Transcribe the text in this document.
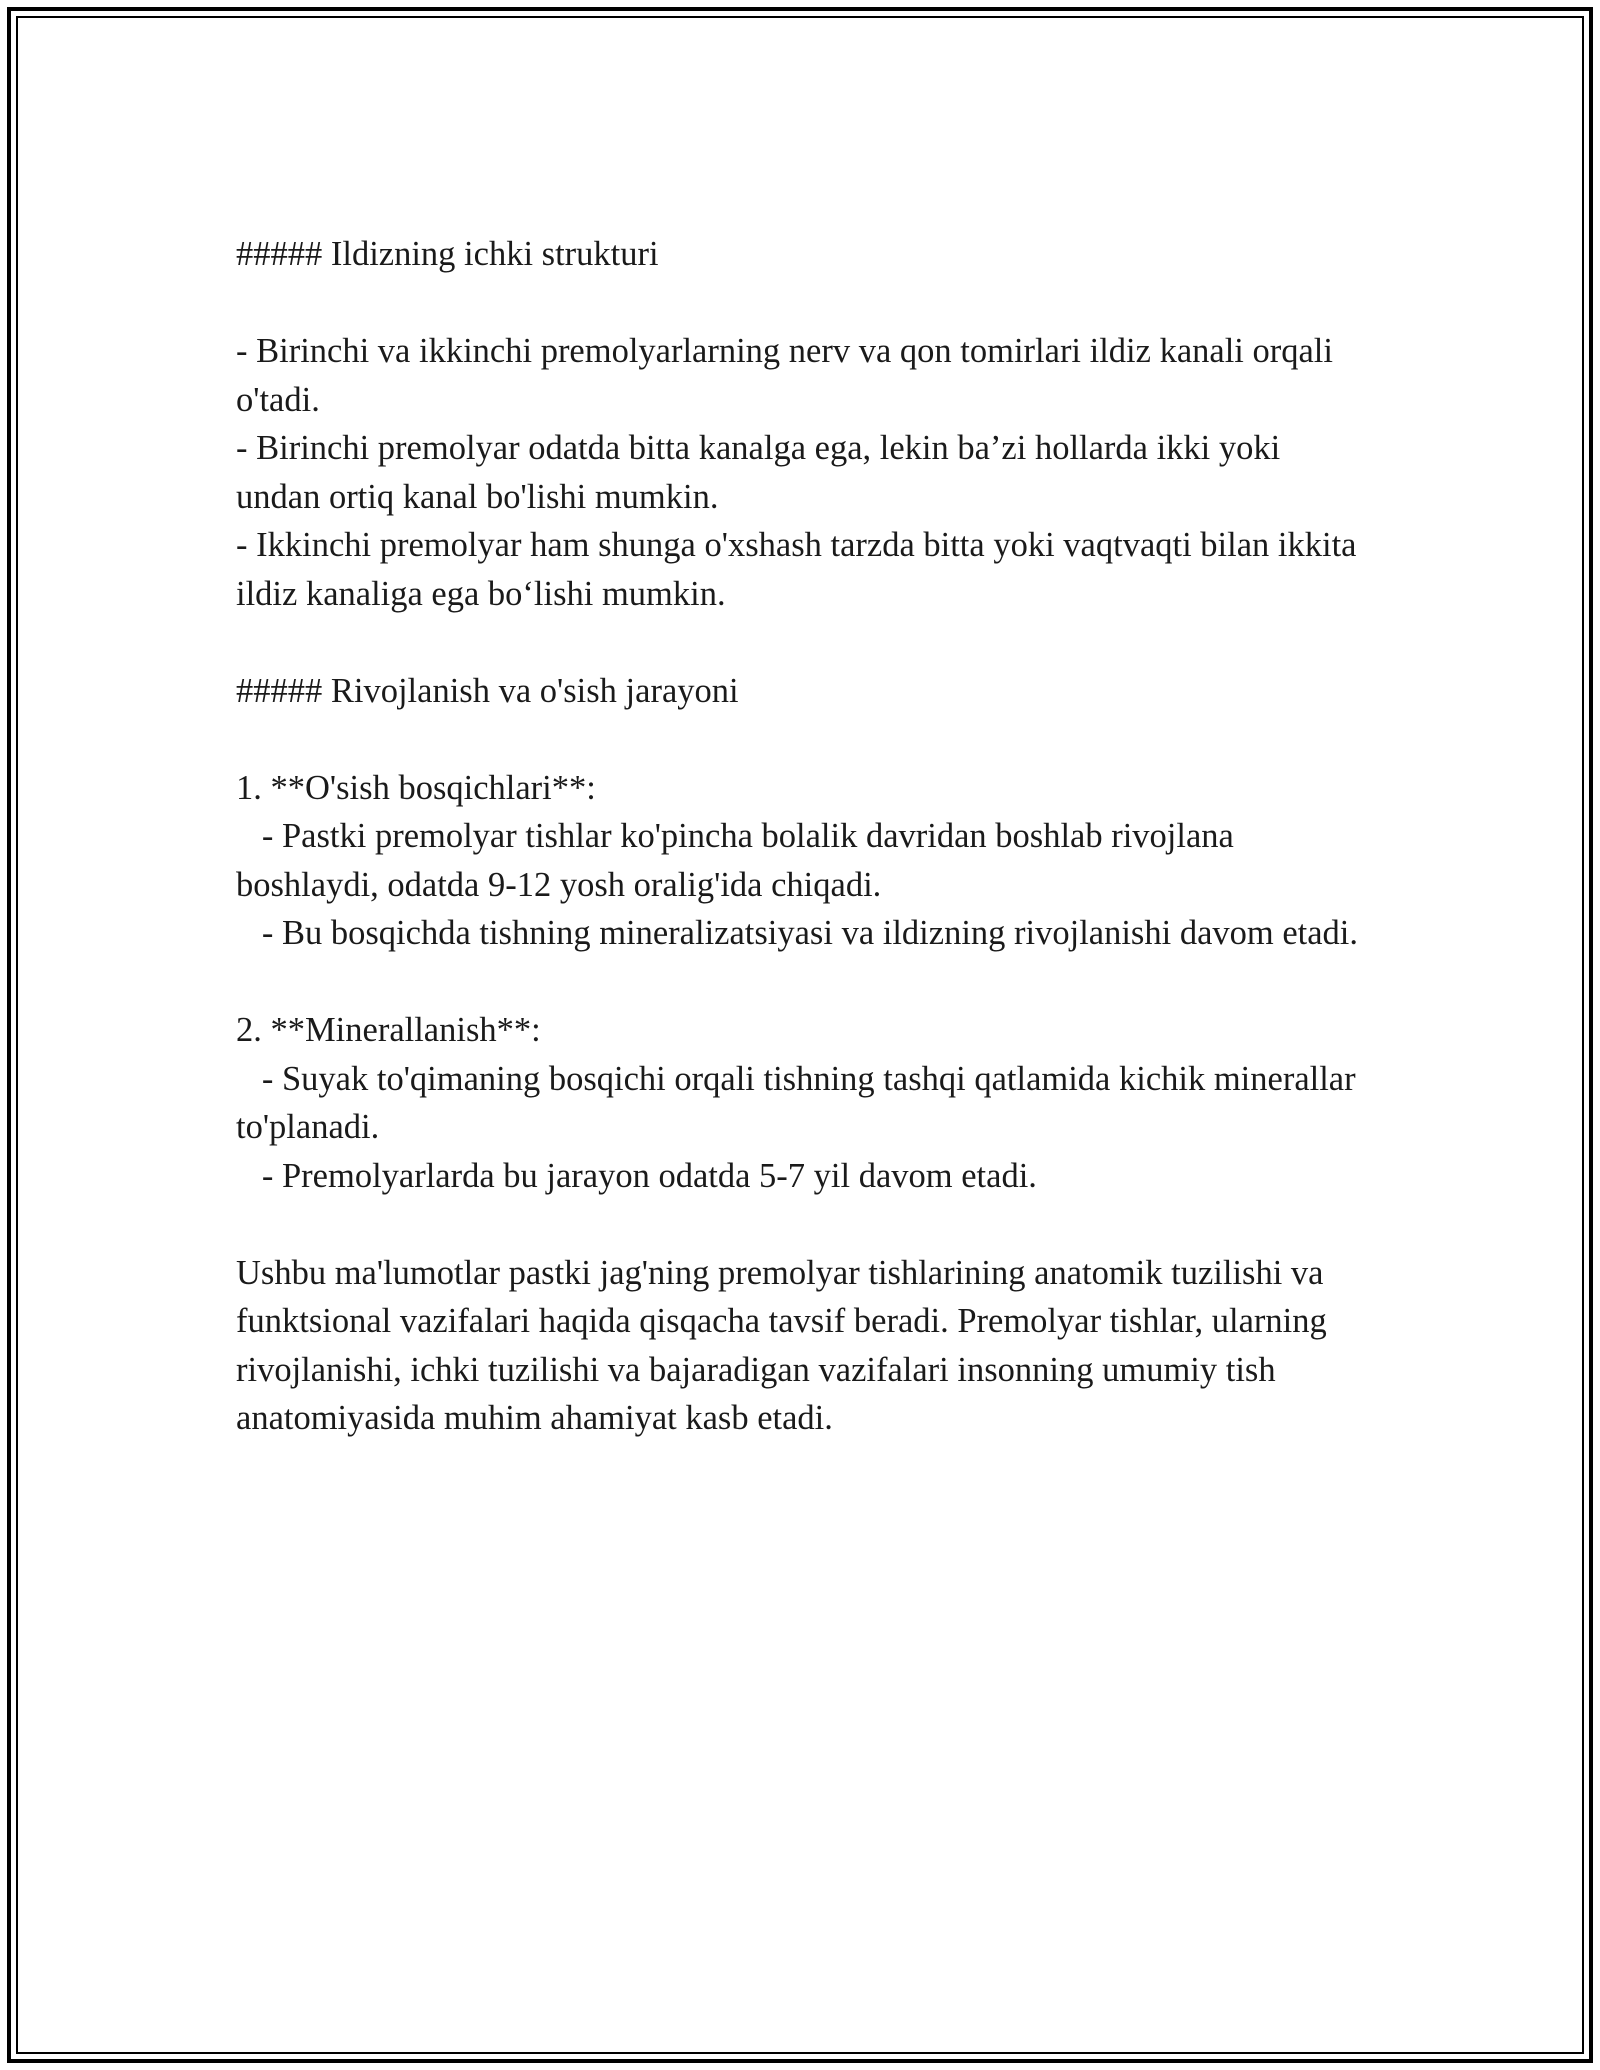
##### Ildizning ichki strukturi
- Birinchi va ikkinchi premolyarlarning nerv va qon tomirlari ildiz kanali orqali o'tadi.
- Birinchi premolyar odatda bitta kanalga ega, lekin ba’zi hollarda ikki yoki undan ortiq kanal bo'lishi mumkin.
- Ikkinchi premolyar ham shunga o'xshash tarzda bitta yoki vaqtvaqti bilan ikkita ildiz kanaliga ega bo‘lishi mumkin.
##### Rivojlanish va o'sish jarayoni
1. **O'sish bosqichlari**:
- Pastki premolyar tishlar ko'pincha bolalik davridan boshlab rivojlana boshlaydi, odatda 9-12 yosh oralig'ida chiqadi.
- Bu bosqichda tishning mineralizatsiyasi va ildizning rivojlanishi davom etadi.
2. **Minerallanish**:
- Suyak to'qimaning bosqichi orqali tishning tashqi qatlamida kichik minerallar to'planadi.
- Premolyarlarda bu jarayon odatda 5-7 yil davom etadi.
Ushbu ma'lumotlar pastki jag'ning premolyar tishlarining anatomik tuzilishi va funktsional vazifalari haqida qisqacha tavsif beradi. Premolyar tishlar, ularning rivojlanishi, ichki tuzilishi va bajaradigan vazifalari insonning umumiy tish anatomiyasida muhim ahamiyat kasb etadi.
